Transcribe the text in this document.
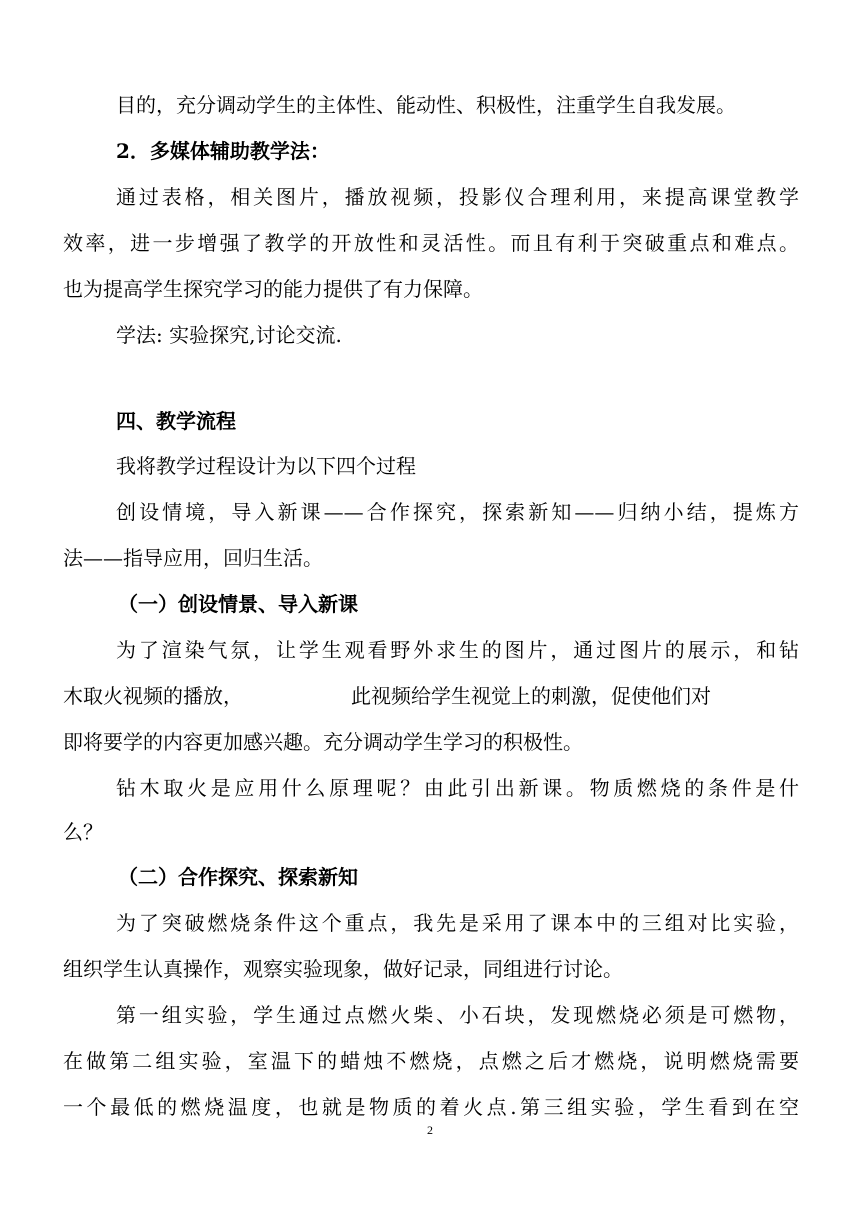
目的，充分调动学生的主体性、能动性、积极性，注重学生自我发展。
2．多媒体辅助教学法：
通过表格，相关图片，播放视频，投影仪合理利用，来提高课堂教学
效率，进一步增强了教学的开放性和灵活性。而且有利于突破重点和难点。
也为提高学生探究学习的能力提供了有力保障。
学法: 实验探究,讨论交流.
四、教学流程
我将教学过程设计为以下四个过程
创设情境，导入新课——合作探究，探索新知——归纳小结，提炼方
法——指导应用，回归生活。
（一）创设情景、导入新课
为了渲染气氛，让学生观看野外求生的图片，通过图片的展示，和钻
木取火视频的播放，	此视频给学生视觉上的刺激，促使他们对
即将要学的内容更加感兴趣。充分调动学生学习的积极性。
钻木取火是应用什么原理呢？由此引出新课。物质燃烧的条件是什
么？
（二）合作探究、探索新知
为了突破燃烧条件这个重点，我先是采用了课本中的三组对比实验，
组织学生认真操作，观察实验现象，做好记录，同组进行讨论。
第一组实验，学生通过点燃火柴、小石块，发现燃烧必须是可燃物，
在做第二组实验，室温下的蜡烛不燃烧，点燃之后才燃烧，说明燃烧需要
一个最低的燃烧温度，也就是物质的着火点.第三组实验，学生看到在空
2
